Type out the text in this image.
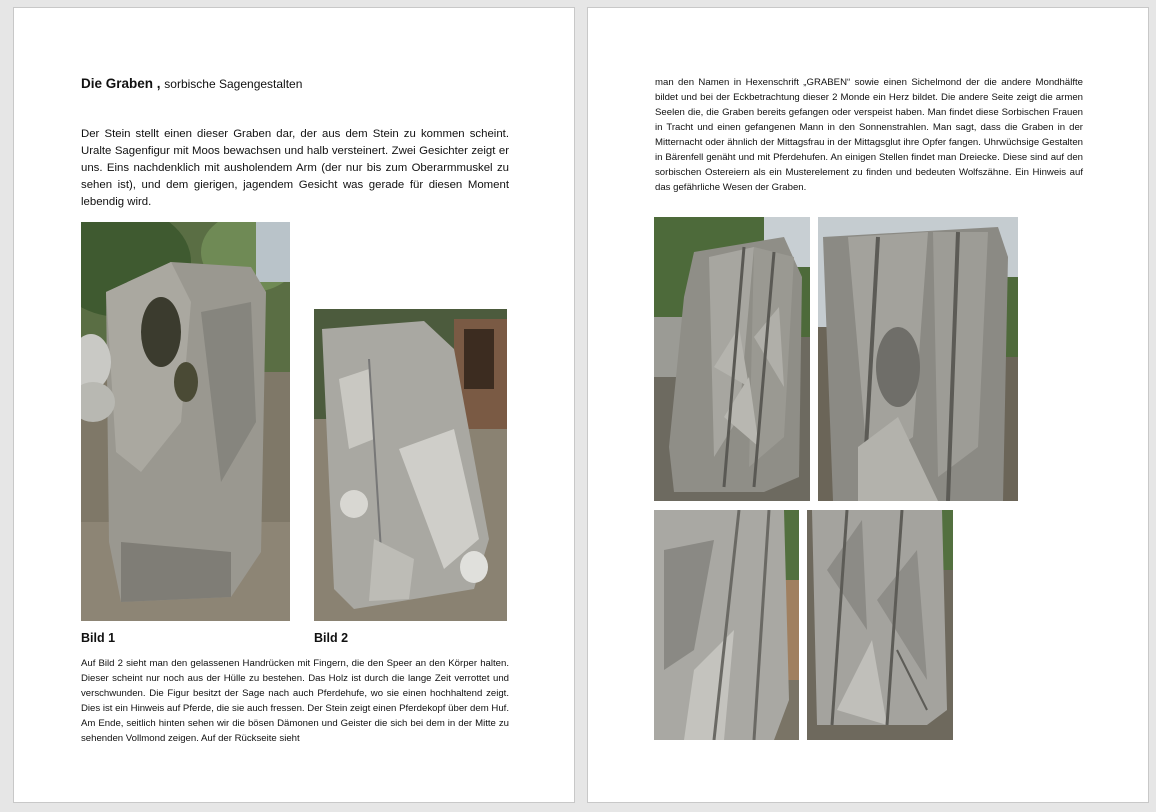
Die Graben , sorbische Sagengestalten
Der Stein stellt einen dieser Graben dar, der aus dem Stein zu kommen scheint. Uralte Sagenfigur mit Moos bewachsen und halb versteinert. Zwei Gesichter zeigt er uns. Eins nachdenklich mit ausholendem Arm (der nur bis zum Oberarmmuskel zu sehen ist), und dem gierigen, jagendem Gesicht was gerade für diesen Moment lebendig wird.
Bild 1	Bild 2
Auf Bild 2 sieht man den gelassenen Handrücken mit Fingern, die den Speer an den Körper halten. Dieser scheint nur noch aus der Hülle zu bestehen. Das Holz ist durch die lange Zeit verrottet und verschwunden. Die Figur besitzt der Sage nach auch Pferdehufe, wo sie einen hochhaltend zeigt. Dies ist ein Hinweis auf Pferde, die sie auch fressen. Der Stein zeigt einen Pferdekopf über dem Huf. Am Ende, seitlich hinten sehen wir die bösen Dämonen und Geister die sich bei dem in der Mitte zu sehenden Vollmond zeigen. Auf der Rückseite sieht
man den Namen in Hexenschrift „GRABEN“ sowie einen Sichelmond der die andere Mondhälfte bildet und bei der Eckbetrachtung dieser 2 Monde ein Herz bildet. Die andere Seite zeigt die armen Seelen die, die Graben bereits gefangen oder verspeist haben. Man findet diese Sorbischen Frauen in Tracht und einen gefangenen Mann in den Sonnenstrahlen. Man sagt, dass die Graben in der Mitternacht oder ähnlich der Mittagsfrau in der Mittagsglut ihre Opfer fangen. Uhrwüchsige Gestalten in Bärenfell genäht und mit Pferdehufen. An einigen Stellen findet man Dreiecke. Diese sind auf den sorbischen Ostereiern als ein Musterelement zu finden und bedeuten Wolfszähne. Ein Hinweis auf das gefährliche Wesen der Graben.
